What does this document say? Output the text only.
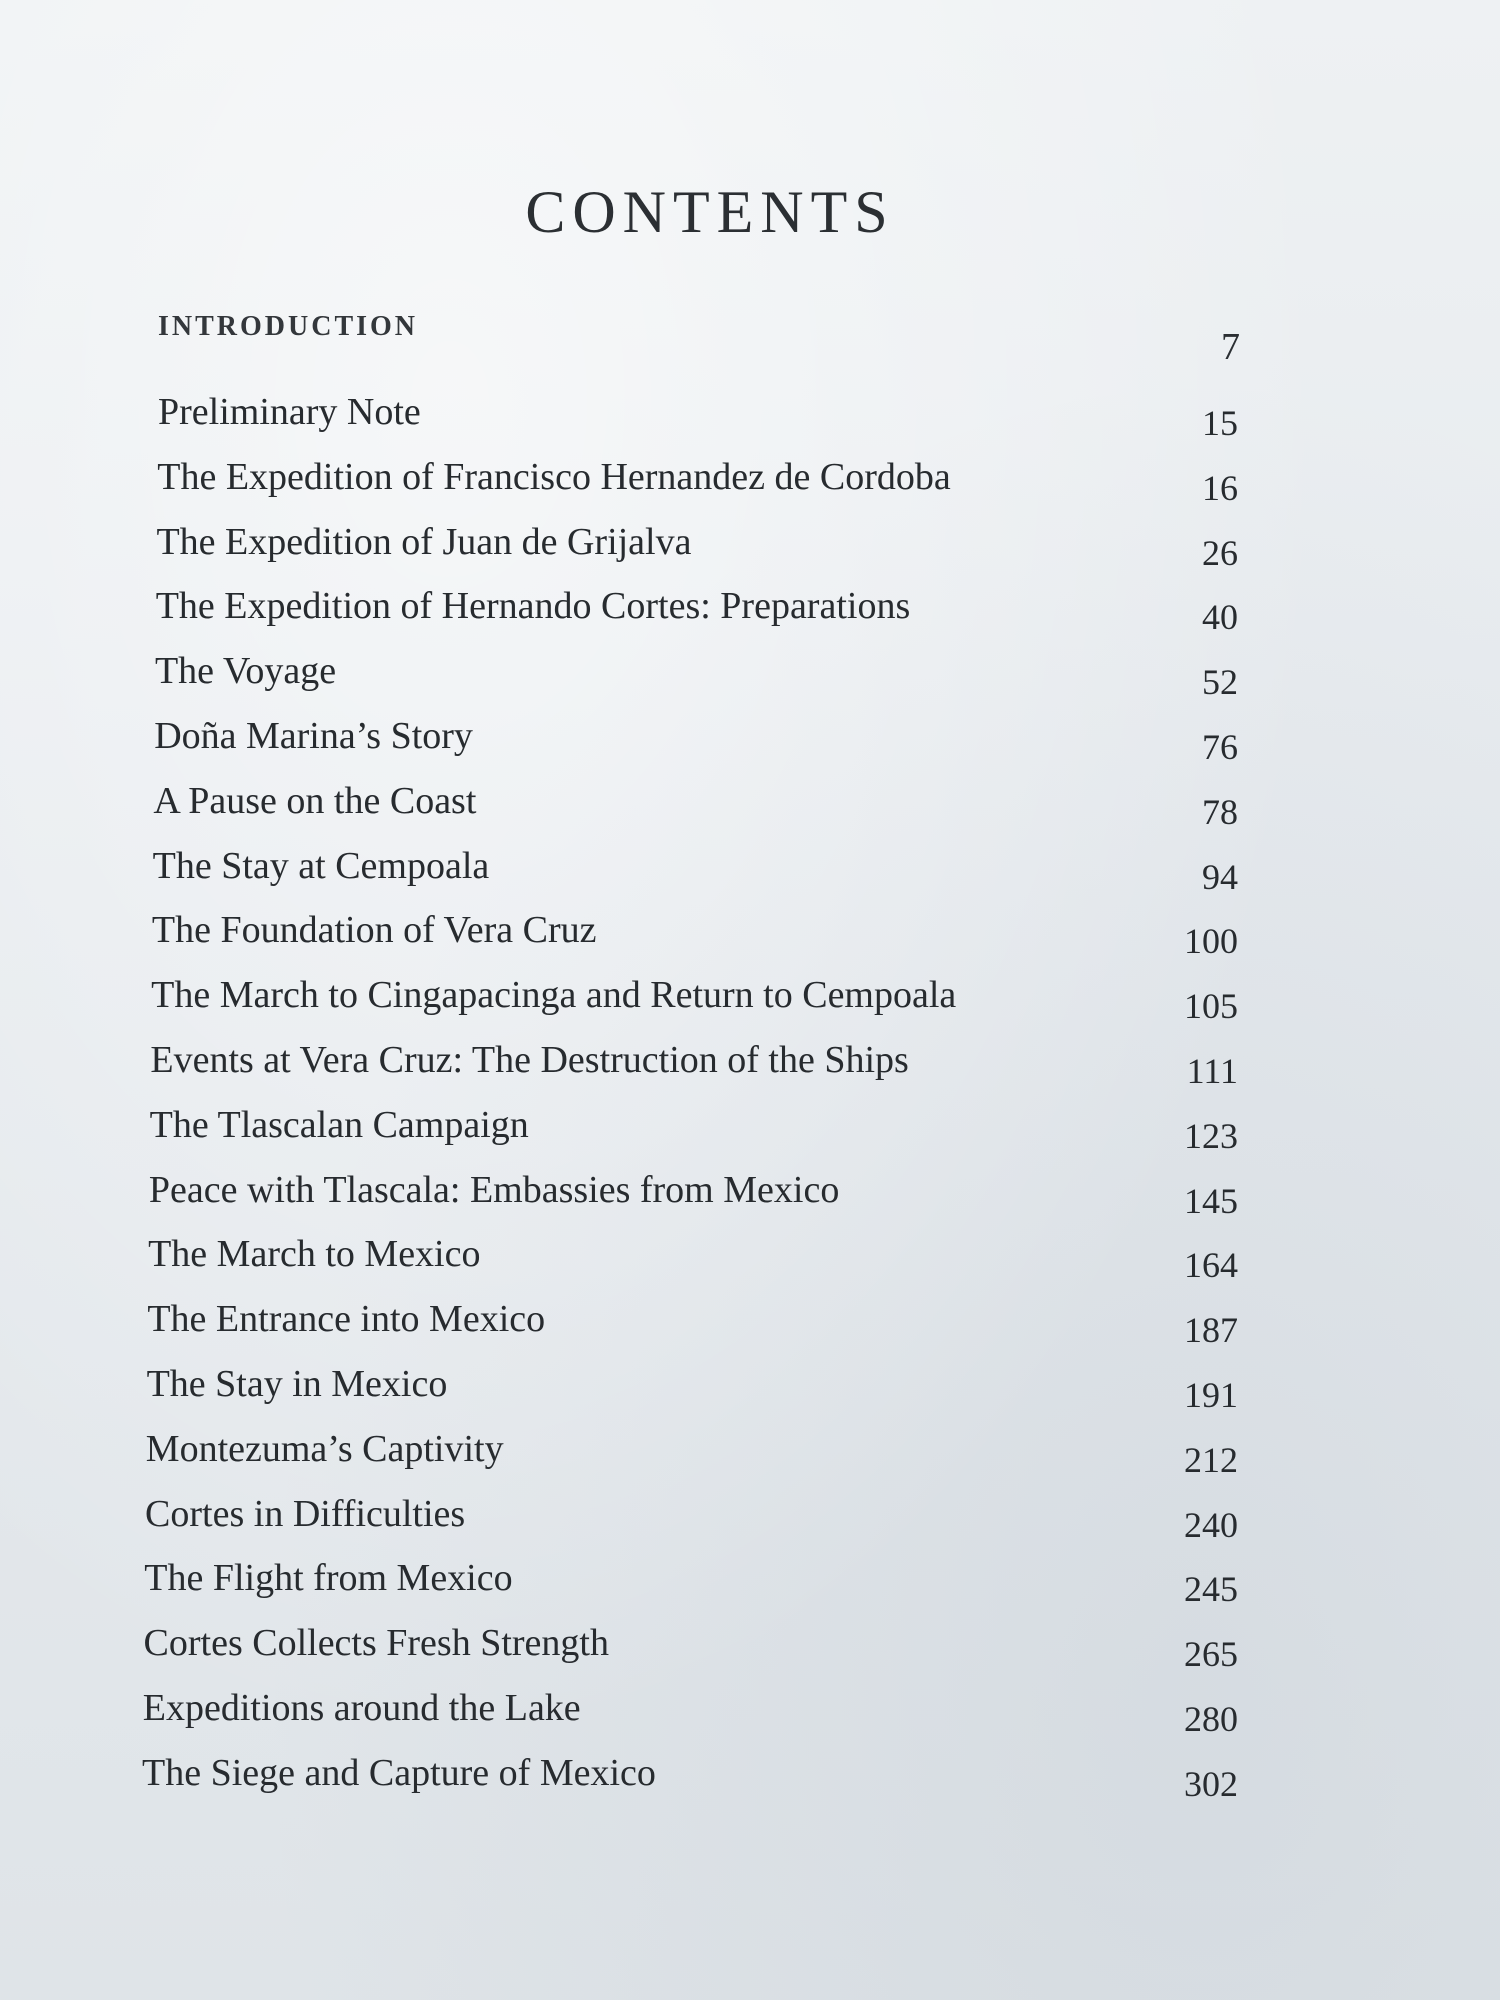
CONTENTS
INTRODUCTION	7
Preliminary Note	15
The Expedition of Francisco Hernandez de Cordoba	16
The Expedition of Juan de Grijalva	26
The Expedition of Hernando Cortes: Preparations	40
The Voyage	52
Doña Marina’s Story	76
A Pause on the Coast	78
The Stay at Cempoala	94
The Foundation of Vera Cruz	100
The March to Cingapacinga and Return to Cempoala	105
Events at Vera Cruz: The Destruction of the Ships	111
The Tlascalan Campaign	123
Peace with Tlascala: Embassies from Mexico	145
The March to Mexico	164
The Entrance into Mexico	187
The Stay in Mexico	191
Montezuma’s Captivity	212
Cortes in Difficulties	240
The Flight from Mexico	245
Cortes Collects Fresh Strength	265
Expeditions around the Lake	280
The Siege and Capture of Mexico	302
